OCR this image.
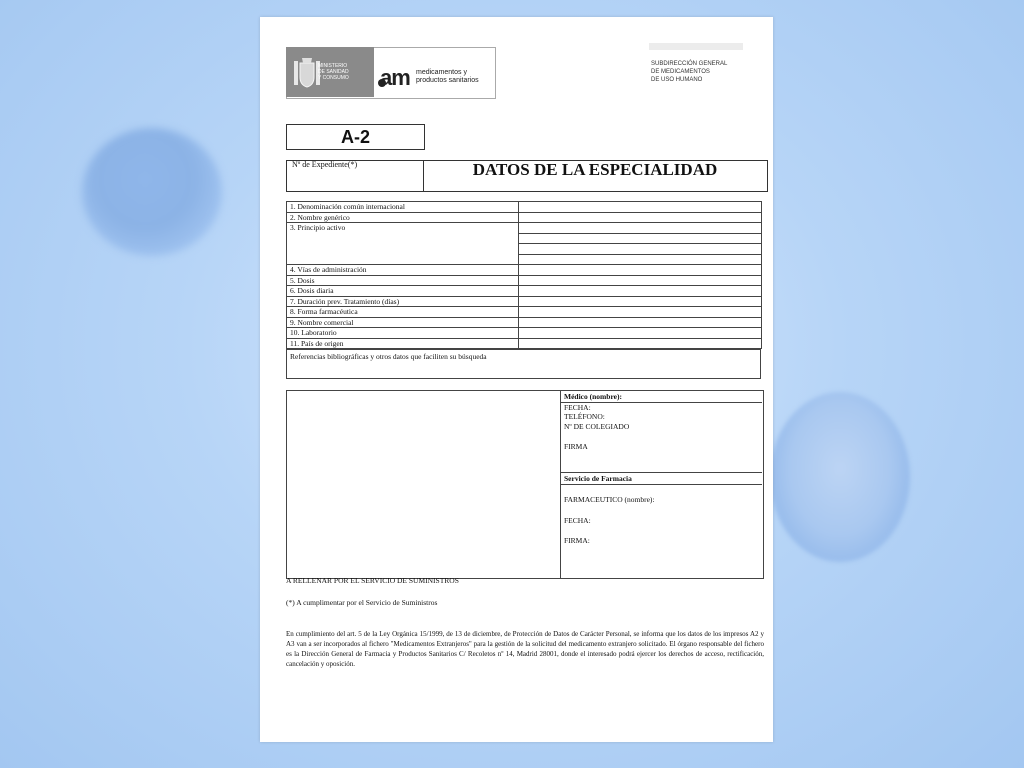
MINISTERIO
DE SANIDAD
Y CONSUMO	am medicamentos y
productos sanitarios
SUBDIRECCIÓN GENERAL
DE MEDICAMENTOS
DE USO HUMANO
A-2
Nº de Expediente(*)	DATOS DE LA ESPECIALIDAD
1. Denominación común internacional	
2. Nombre genérico	
3. Principio activo	

4. Vías de administración	
5. Dosis	
6. Dosis diaria	
7. Duración prev. Tratamiento (días)	
8. Forma farmacéutica	
9. Nombre comercial	
10. Laboratorio	
11. País de origen	
Referencias bibliográficas y otros datos que faciliten su búsqueda
Médico (nombre):
FECHA:
TELÉFONO:
Nº DE COLEGIADO
FIRMA
Servicio de Farmacia
FARMACEUTICO (nombre):
FECHA:
FIRMA:
A RELLENAR POR EL SERVICIO DE SUMINISTROS
(*) A cumplimentar por el Servicio de Suministros
En cumplimiento del art. 5 de la Ley Orgánica 15/1999, de 13 de diciembre, de Protección de Datos de Carácter Personal, se informa que los datos de los impresos A2 y A3 van a ser incorporados al fichero "Medicamentos Extranjeros" para la gestión de la solicitud del medicamento extranjero solicitado. El órgano responsable del fichero es la Dirección General de Farmacia y Productos Sanitarios C/ Recoletos nº 14, Madrid 28001, donde el interesado podrá ejercer los derechos de acceso, rectificación, cancelación y oposición.
